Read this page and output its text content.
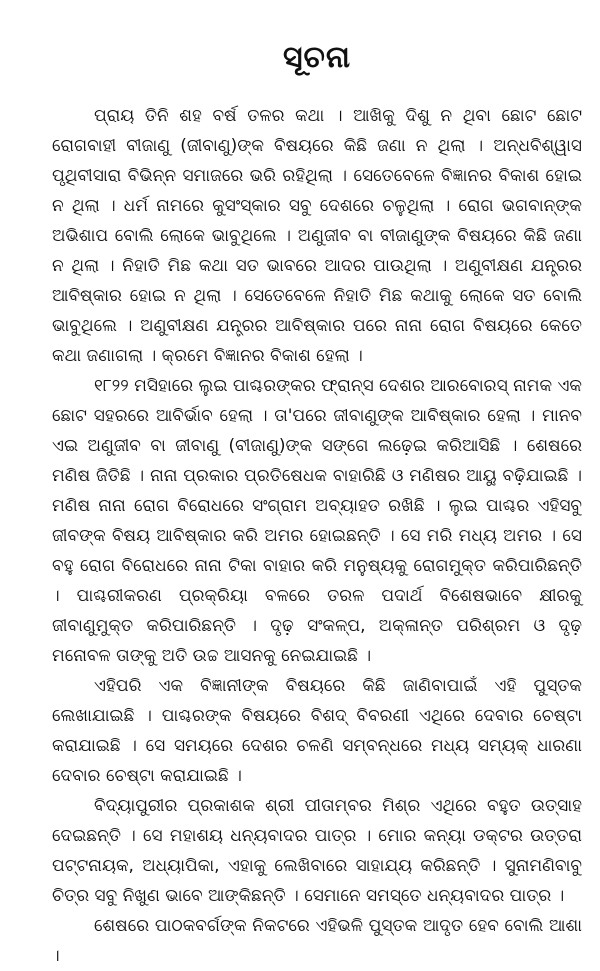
ସୂଚନା

ପ୍ରାୟ ତିନି ଶହ ବର୍ଷ ତଳର କଥା । ଆଖିକୁ ଦିଶୁ ନ ଥିବା ଛୋଟ ଛୋଟ ରୋଗବାହୀ ବୀଜାଣୁ (ଜୀବାଣୁ)ଙ୍କ ବିଷୟରେ କିଛି ଜଣା ନ ଥିଲା । ଅନ୍ଧବିଶ୍ୱାସ ପୃଥିବୀସାରା ବିଭିନ୍ନ ସମାଜରେ ଭରି ରହିଥିଲା । ସେତେବେଳେ ବିଜ୍ଞାନର ବିକାଶ ହୋଇ ନ ଥିଲା । ଧର୍ମ ନାମରେ କୁସଂସ୍କାର ସବୁ ଦେଶରେ ଚଳୁଥିଲା । ରୋଗ ଭଗବାନ୍‌ଙ୍କ ଅଭିଶାପ ବୋଲି ଲୋକେ ଭାବୁଥିଲେ । ଅଣୁଜୀବ ବା ବୀଜାଣୁଙ୍କ ବିଷୟରେ କିଛି ଜଣା ନ ଥିଲା । ନିହାତି ମିଛ କଥା ସତ ଭାବରେ ଆଦର ପାଉଥିଲା । ଅଣୁବୀକ୍ଷଣ ଯନ୍ତ୍ରର ଆବିଷ୍କାର ହୋଇ ନ ଥିଲା । ସେତେବେଳେ ନିହାତି ମିଛ କଥାକୁ ଲୋକେ ସତ ବୋଲି ଭାବୁଥିଲେ । ଅଣୁବୀକ୍ଷଣ ଯନ୍ତ୍ରର ଆବିଷ୍କାର ପରେ ନାନା ରୋଗ ବିଷୟରେ କେତେ କଥା ଜଣାଗଲା । କ୍ରମେ ବିଜ୍ଞାନର ବିକାଶ ହେଲା ।

୧୮୨୨ ମସିହାରେ ଲୁଇ ପାଶ୍ଚରଙ୍କର ଫ୍ରାନ୍ସ ଦେଶର ଆରବୋରସ୍ ନାମକ ଏକ ଛୋଟ ସହରରେ ଆବିର୍ଭାବ ହେଲା । ତା'ପରେ ଜୀବାଣୁଙ୍କ ଆବିଷ୍କାର ହେଲା । ମାନବ ଏଇ ଅଣୁଜୀବ ବା ଜୀବାଣୁ (ବୀଜାଣୁ)ଙ୍କ ସଙ୍ଗେ ଲଢ଼େଇ କରିଆସିଛି । ଶେଷରେ ମଣିଷ ଜିତିଛି । ନାନା ପ୍ରକାର ପ୍ରତିଷେଧକ ବାହାରିଛି ଓ ମଣିଷର ଆୟୁ ବଢ଼ିଯାଇଛି । ମଣିଷ ନାନା ରୋଗ ବିରୋଧରେ ସଂଗ୍ରାମ ଅବ୍ୟାହତ ରଖିଛି । ଲୁଇ ପାଶ୍ଚର ଏହିସବୁ ଜୀବଙ୍କ ବିଷୟ ଆବିଷ୍କାର କରି ଅମର ହୋଇଛନ୍ତି । ସେ ମରି ମଧ୍ୟ ଅମର । ସେ ବହୁ ରୋଗ ବିରୋଧରେ ନାନା ଟିକା ବାହାର କରି ମନୁଷ୍ୟକୁ ରୋଗମୁକ୍ତ କରିପାରିଛନ୍ତି । ପାଶ୍ଚରୀକରଣ ପ୍ରକ୍ରିୟା ବଳରେ ତରଳ ପଦାର୍ଥ ବିଶେଷଭାବେ କ୍ଷୀରକୁ ଜୀବାଣୁମୁକ୍ତ କରିପାରିଛନ୍ତି । ଦୃଢ଼ ସଂକଳ୍ପ, ଅକ୍ଳାନ୍ତ ପରିଶ୍ରମ ଓ ଦୃଢ଼ ମନୋବଳ ତାଙ୍କୁ ଅତି ଉଚ୍ଚ ଆସନକୁ ନେଇଯାଇଛି ।

ଏହିପରି ଏକ ବିଜ୍ଞାନୀଙ୍କ ବିଷୟରେ କିଛି ଜାଣିବାପାଇଁ ଏହି ପୁସ୍ତକ ଲେଖାଯାଇଛି । ପାଶ୍ଚରଙ୍କ ବିଷୟରେ ବିଶଦ୍ ବିବରଣୀ ଏଥିରେ ଦେବାର ଚେଷ୍ଟା କରାଯାଇଛି । ସେ ସମୟରେ ଦେଶର ଚଳଣି ସମ୍ବନ୍ଧରେ ମଧ୍ୟ ସମ୍ୟକ୍ ଧାରଣା ଦେବାର ଚେଷ୍ଟା କରାଯାଇଛି ।

ବିଦ୍ୟାପୁରୀର ପ୍ରକାଶକ ଶ୍ରୀ ପୀତାମ୍ବର ମିଶ୍ର ଏଥିରେ ବହୁତ ଉତ୍ସାହ ଦେଇଛନ୍ତି । ସେ ମହାଶୟ ଧନ୍ୟବାଦର ପାତ୍ର । ମୋର କନ୍ୟା ଡକ୍ଟର ଉତ୍ତରା ପଟ୍ଟନାୟକ, ଅଧ୍ୟାପିକା, ଏହାକୁ ଲେଖିବାରେ ସାହାଯ୍ୟ କରିଛନ୍ତି । ସୁନାମଣିବାବୁ ଚିତ୍ର ସବୁ ନିଖୁଣ ଭାବେ ଆଙ୍କିଛନ୍ତି । ସେମାନେ ସମସ୍ତେ ଧନ୍ୟବାଦର ପାତ୍ର ।

ଶେଷରେ ପାଠକବର୍ଗଙ୍କ ନିକଟରେ ଏହିଭଳି ପୁସ୍ତକ ଆଦୃତ ହେବ ବୋଲି ଆଶା ।
